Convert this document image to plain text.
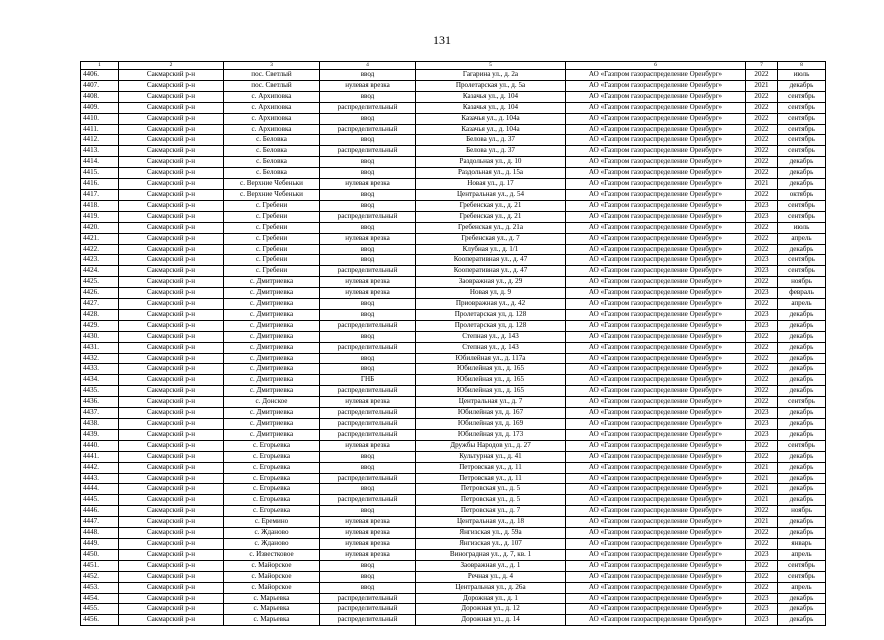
131
1	2	3	4	5	6	7	8
4406.	Сакмарский р-н	пос. Светлый	ввод	Гагарина ул., д. 2а	АО «Газпром газораспределение Оренбург»	2022	июль
4407.	Сакмарский р-н	пос. Светлый	нулевая врезка	Пролетарская ул., д. 5а	АО «Газпром газораспределение Оренбург»	2021	декабрь
4408.	Сакмарский р-н	с. Архиповка	ввод	Казачья ул., д. 104	АО «Газпром газораспределение Оренбург»	2022	сентябрь
4409.	Сакмарский р-н	с. Архиповка	распределительный	Казачья ул., д. 104	АО «Газпром газораспределение Оренбург»	2022	сентябрь
4410.	Сакмарский р-н	с. Архиповка	ввод	Казачья ул., д. 104а	АО «Газпром газораспределение Оренбург»	2022	сентябрь
4411.	Сакмарский р-н	с. Архиповка	распределительный	Казачья ул., д. 104а	АО «Газпром газораспределение Оренбург»	2022	сентябрь
4412.	Сакмарский р-н	с. Беловка	ввод	Белова ул., д. 37	АО «Газпром газораспределение Оренбург»	2022	сентябрь
4413.	Сакмарский р-н	с. Беловка	распределительный	Белова ул., д. 37	АО «Газпром газораспределение Оренбург»	2022	сентябрь
4414.	Сакмарский р-н	с. Беловка	ввод	Раздольная ул., д. 10	АО «Газпром газораспределение Оренбург»	2022	декабрь
4415.	Сакмарский р-н	с. Беловка	ввод	Раздольная ул., д. 15а	АО «Газпром газораспределение Оренбург»	2022	декабрь
4416.	Сакмарский р-н	с. Верхние Чебеньки	нулевая врезка	Новая ул., д. 17	АО «Газпром газораспределение Оренбург»	2021	декабрь
4417.	Сакмарский р-н	с. Верхние Чебеньки	ввод	Центральная ул., д. 54	АО «Газпром газораспределение Оренбург»	2022	октябрь
4418.	Сакмарский р-н	с. Гребени	ввод	Гребенская ул., д. 21	АО «Газпром газораспределение Оренбург»	2023	сентябрь
4419.	Сакмарский р-н	с. Гребени	распределительный	Гребенская ул., д. 21	АО «Газпром газораспределение Оренбург»	2023	сентябрь
4420.	Сакмарский р-н	с. Гребени	ввод	Гребенская ул., д. 21а	АО «Газпром газораспределение Оренбург»	2022	июль
4421.	Сакмарский р-н	с. Гребени	нулевая врезка	Гребенская ул., д. 7	АО «Газпром газораспределение Оренбург»	2022	апрель
4422.	Сакмарский р-н	с. Гребени	ввод	Клубная ул., д. 1/1	АО «Газпром газораспределение Оренбург»	2022	декабрь
4423.	Сакмарский р-н	с. Гребени	ввод	Кооперативная ул., д. 47	АО «Газпром газораспределение Оренбург»	2023	сентябрь
4424.	Сакмарский р-н	с. Гребени	распределительный	Кооперативная ул., д. 47	АО «Газпром газораспределение Оренбург»	2023	сентябрь
4425.	Сакмарский р-н	с. Дмитриевка	нулевая врезка	Заовражная ул., д. 29	АО «Газпром газораспределение Оренбург»	2022	ноябрь
4426.	Сакмарский р-н	с. Дмитриевка	нулевая врезка	Новая ул, д. 9	АО «Газпром газораспределение Оренбург»	2023	февраль
4427.	Сакмарский р-н	с. Дмитриевка	ввод	Приовражная ул., д. 42	АО «Газпром газораспределение Оренбург»	2022	апрель
4428.	Сакмарский р-н	с. Дмитриевка	ввод	Пролетарская ул, д. 128	АО «Газпром газораспределение Оренбург»	2023	декабрь
4429.	Сакмарский р-н	с. Дмитриевка	распределительный	Пролетарская ул, д. 128	АО «Газпром газораспределение Оренбург»	2023	декабрь
4430.	Сакмарский р-н	с. Дмитриевка	ввод	Степная ул., д. 143	АО «Газпром газораспределение Оренбург»	2022	декабрь
4431.	Сакмарский р-н	с. Дмитриевка	распределительный	Степная ул., д. 143	АО «Газпром газораспределение Оренбург»	2022	декабрь
4432.	Сакмарский р-н	с. Дмитриевка	ввод	Юбилейная ул., д. 117а	АО «Газпром газораспределение Оренбург»	2022	декабрь
4433.	Сакмарский р-н	с. Дмитриевка	ввод	Юбилейная ул., д. 165	АО «Газпром газораспределение Оренбург»	2022	декабрь
4434.	Сакмарский р-н	с. Дмитриевка	ГНБ	Юбилейная ул., д. 165	АО «Газпром газораспределение Оренбург»	2022	декабрь
4435.	Сакмарский р-н	с. Дмитриевка	распределительный	Юбилейная ул., д. 165	АО «Газпром газораспределение Оренбург»	2022	декабрь
4436.	Сакмарский р-н	с. Донское	нулевая врезка	Центральная ул., д. 7	АО «Газпром газораспределение Оренбург»	2022	сентябрь
4437.	Сакмарский р-н	с. Дмитриевка	распределительный	Юбилейная ул, д. 167	АО «Газпром газораспределение Оренбург»	2023	декабрь
4438.	Сакмарский р-н	с. Дмитриевка	распределительный	Юбилейная ул, д. 169	АО «Газпром газораспределение Оренбург»	2023	декабрь
4439.	Сакмарский р-н	с. Дмитриевка	распределительный	Юбилейная ул, д. 173	АО «Газпром газораспределение Оренбург»	2023	декабрь
4440.	Сакмарский р-н	с. Егорьевка	нулевая врезка	Дружбы Народов ул., д. 27	АО «Газпром газораспределение Оренбург»	2022	сентябрь
4441.	Сакмарский р-н	с. Егорьевка	ввод	Культурная ул., д. 41	АО «Газпром газораспределение Оренбург»	2022	декабрь
4442.	Сакмарский р-н	с. Егорьевка	ввод	Петровская ул., д. 11	АО «Газпром газораспределение Оренбург»	2021	декабрь
4443.	Сакмарский р-н	с. Егорьевка	распределительный	Петровская ул., д. 11	АО «Газпром газораспределение Оренбург»	2021	декабрь
4444.	Сакмарский р-н	с. Егорьевка	ввод	Петровская ул., д. 5	АО «Газпром газораспределение Оренбург»	2021	декабрь
4445.	Сакмарский р-н	с. Егорьевка	распределительный	Петровская ул., д. 5	АО «Газпром газораспределение Оренбург»	2021	декабрь
4446.	Сакмарский р-н	с. Егорьевка	ввод	Петровская ул., д. 7	АО «Газпром газораспределение Оренбург»	2022	ноябрь
4447.	Сакмарский р-н	с. Еремино	нулевая врезка	Центральная ул., д. 18	АО «Газпром газораспределение Оренбург»	2021	декабрь
4448.	Сакмарский р-н	с. Жданово	нулевая врезка	Янгизская ул., д. 59а	АО «Газпром газораспределение Оренбург»	2022	декабрь
4449.	Сакмарский р-н	с. Жданово	нулевая врезка	Янгизская ул., д. 107	АО «Газпром газораспределение Оренбург»	2022	январь
4450.	Сакмарский р-н	с. Известковое	нулевая врезка	Виноградная ул., д. 7, кв. 1	АО «Газпром газораспределение Оренбург»	2023	апрель
4451.	Сакмарский р-н	с. Майорское	ввод	Заовражная ул., д. 1	АО «Газпром газораспределение Оренбург»	2022	сентябрь
4452.	Сакмарский р-н	с. Майорское	ввод	Речная ул., д. 4	АО «Газпром газораспределение Оренбург»	2022	сентябрь
4453.	Сакмарский р-н	с. Майорское	ввод	Центральная ул., д. 26а	АО «Газпром газораспределение Оренбург»	2022	апрель
4454.	Сакмарский р-н	с. Марьевка	распределительный	Дорожная ул., д. 1	АО «Газпром газораспределение Оренбург»	2023	декабрь
4455.	Сакмарский р-н	с. Марьевка	распределительный	Дорожная ул., д. 12	АО «Газпром газораспределение Оренбург»	2023	декабрь
4456.	Сакмарский р-н	с. Марьевка	распределительный	Дорожная ул., д. 14	АО «Газпром газораспределение Оренбург»	2023	декабрь
